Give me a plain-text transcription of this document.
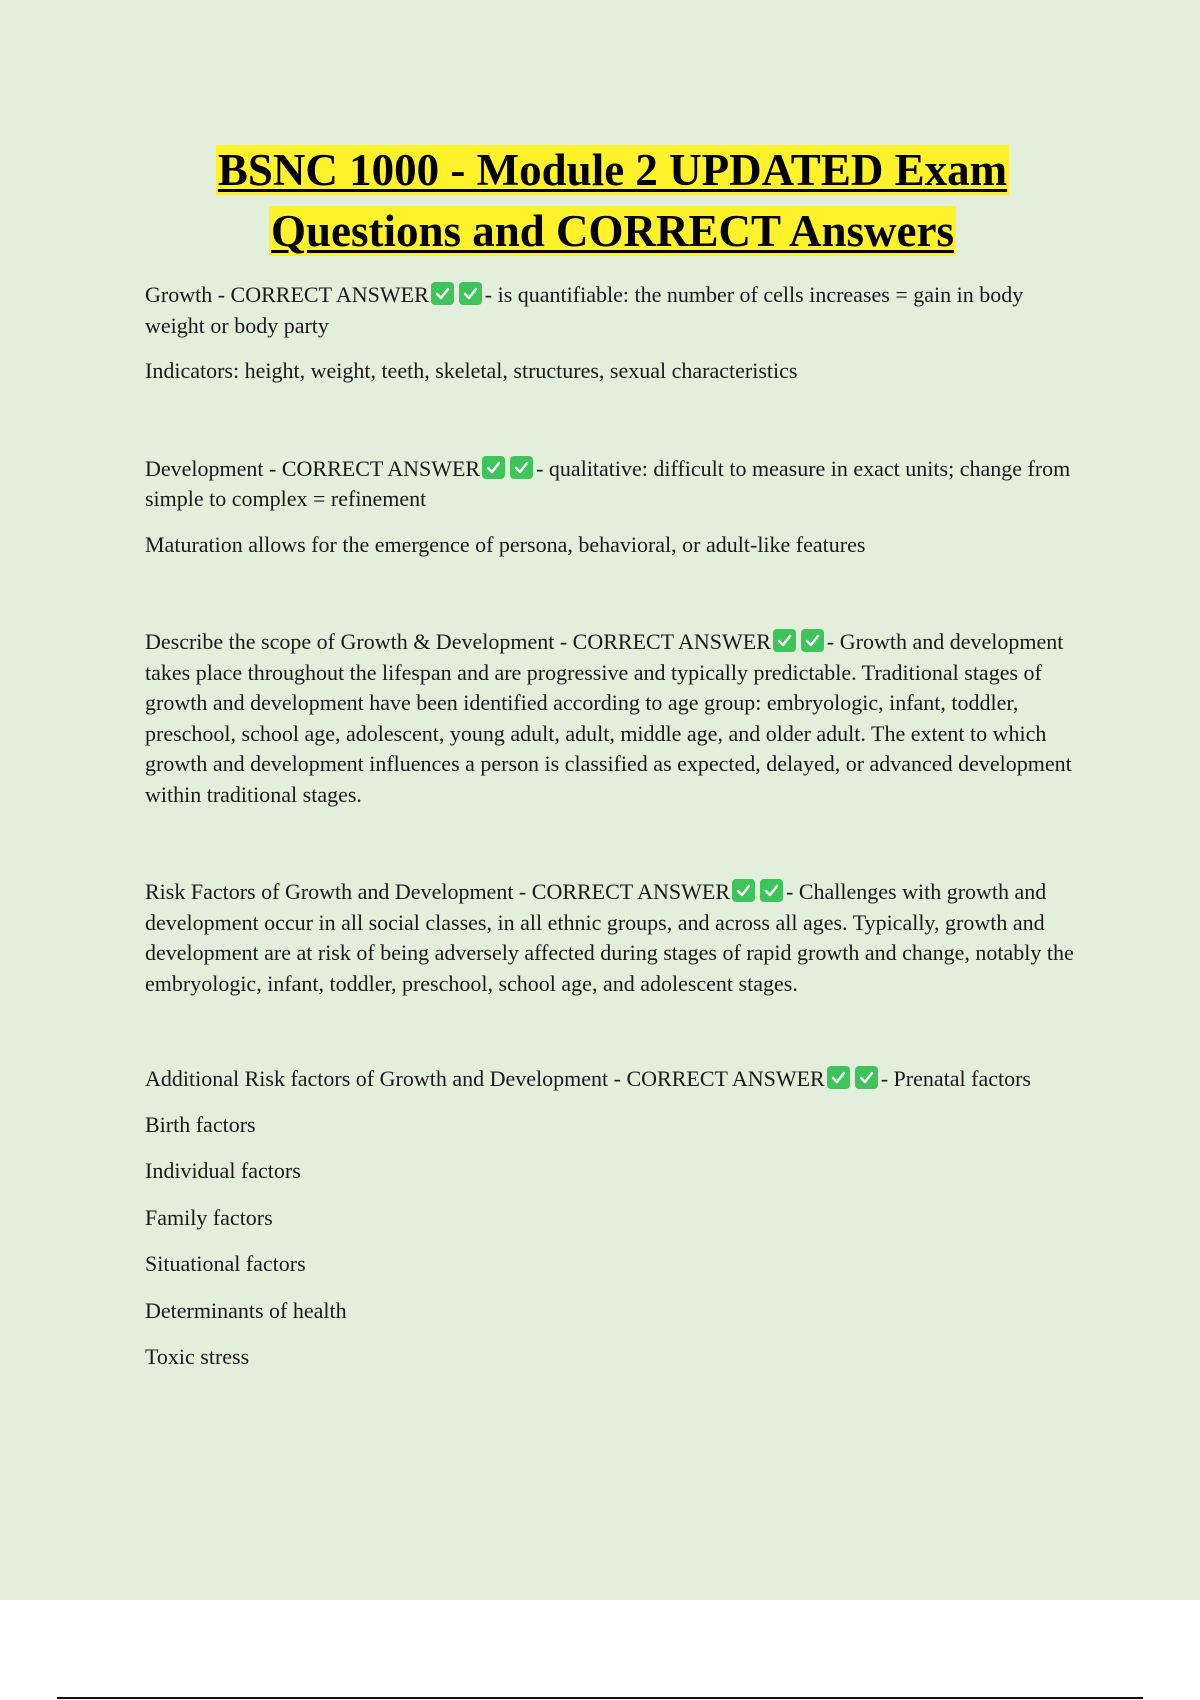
BSNC 1000 - Module 2 UPDATED Exam Questions and CORRECT Answers

Growth - CORRECT ANSWER	- is quantifiable: the number of cells increases = gain in body weight or body party

Indicators: height, weight, teeth, skeletal, structures, sexual characteristics

Development - CORRECT ANSWER	- qualitative: difficult to measure in exact units; change from simple to complex = refinement

Maturation allows for the emergence of persona, behavioral, or adult-like features

Describe the scope of Growth & Development - CORRECT ANSWER	- Growth and development takes place throughout the lifespan and are progressive and typically predictable. Traditional stages of growth and development have been identified according to age group: embryologic, infant, toddler, preschool, school age, adolescent, young adult, adult, middle age, and older adult. The extent to which growth and development influences a person is classified as expected, delayed, or advanced development within traditional stages.

Risk Factors of Growth and Development - CORRECT ANSWER	- Challenges with growth and development occur in all social classes, in all ethnic groups, and across all ages. Typically, growth and development are at risk of being adversely affected during stages of rapid growth and change, notably the embryologic, infant, toddler, preschool, school age, and adolescent stages.

Additional Risk factors of Growth and Development - CORRECT ANSWER	- Prenatal factors

Birth factors

Individual factors

Family factors

Situational factors

Determinants of health

Toxic stress
